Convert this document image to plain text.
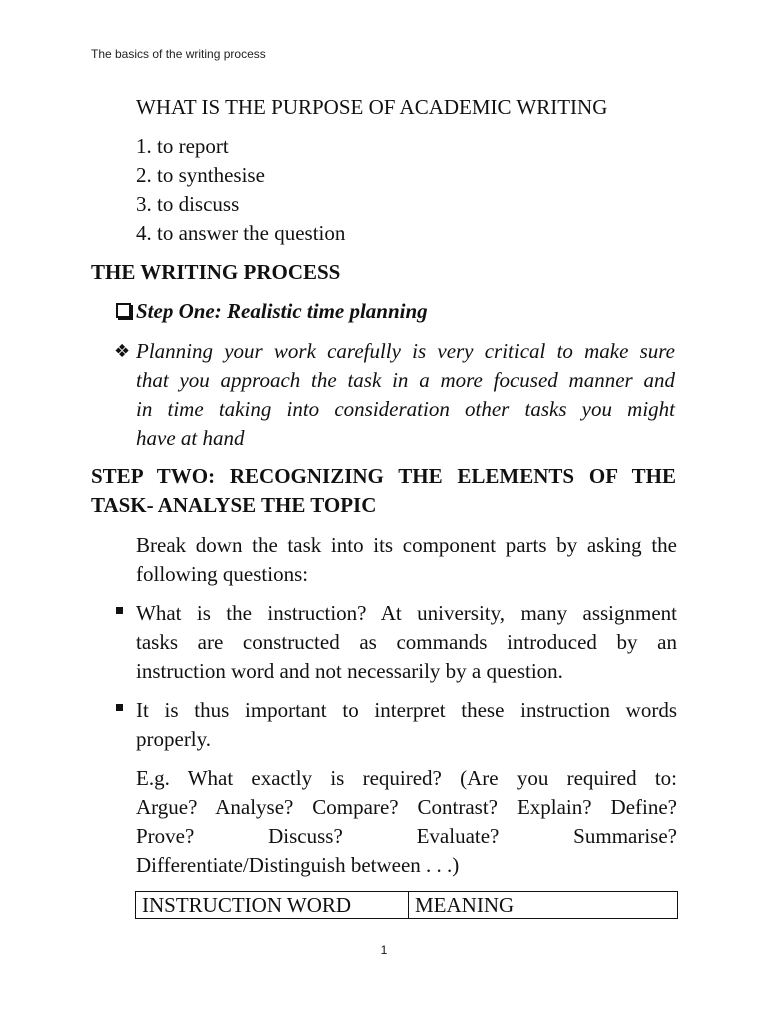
The basics of the writing process
WHAT IS THE PURPOSE OF ACADEMIC WRITING
1. to report
2. to synthesise
3. to discuss
4. to answer the question
THE WRITING PROCESS
Step One: Realistic time planning
❖ Planning your work carefully is very critical to make sure
that you approach the task in a more focused manner and
in time taking into consideration other tasks you might
have at hand
STEP TWO: RECOGNIZING THE ELEMENTS OF THE
TASK- ANALYSE THE TOPIC
Break down the task into its component parts by asking the
following questions:
What is the instruction? At university, many assignment
tasks are constructed as commands introduced by an
instruction word and not necessarily by a question.
It is thus important to interpret these instruction words
properly.
E.g. What exactly is required? (Are you required to:
Argue? Analyse? Compare? Contrast? Explain? Define?
Prove? Discuss? Evaluate? Summarise?
Differentiate/Distinguish between . . .)
INSTRUCTION WORD	MEANING
1
